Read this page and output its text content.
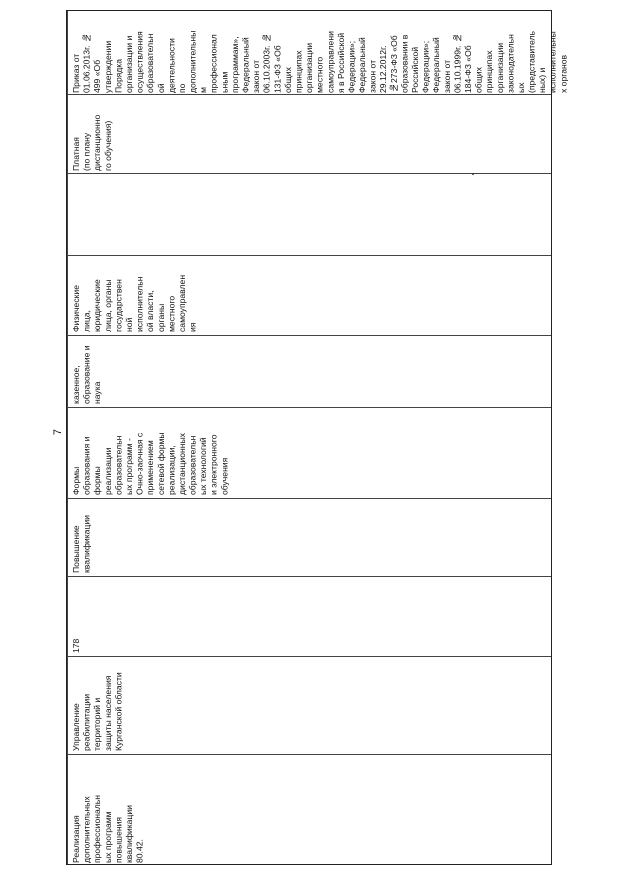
7
Приказ от
01.06.2013г. №
499 «Об
утверждении
Порядка
организации и
осуществления
образовательн
ой
деятельности
по
дополнительны
м
профессионал
ьным
программам»,
Федеральный
закон от
06.10.2003г. №
131-ФЗ «Об
общих
принципах
организации
местного
самоуправлени
я в Российской
Федерации»;
Федеральный
закон от
29.12.2012г.
№273-ФЗ «Об
образовании в
Российской
Федерации»;
Федеральный
закон от
06.10.1999г. №
184-ФЗ «Об
общих
принципах
организации
законодательн
ых
(представитель
ных) и
исполнительны
х органов
Платная
(по плану
дистанционно
го обучения)
Физические
лица,
юридические
лица, органы
государствен
ной
исполнительн
ой власти,
органы
местного
самоуправлен
ия
казенное,
образование и
наука
Формы
образования и
формы
реализации
образовательн
ых программ -
Очно-заочная с
применением
сетевой формы
реализации,
дистанционных
образовательн
ых технологий
и электронного
обучения
Повышение
квалификации
178
Управление
реабилитации
территорий и
защиты населения
Курганской области
Реализация
дополнительных
профессиональн
ых программ
повышения
квалификации
80.42.
